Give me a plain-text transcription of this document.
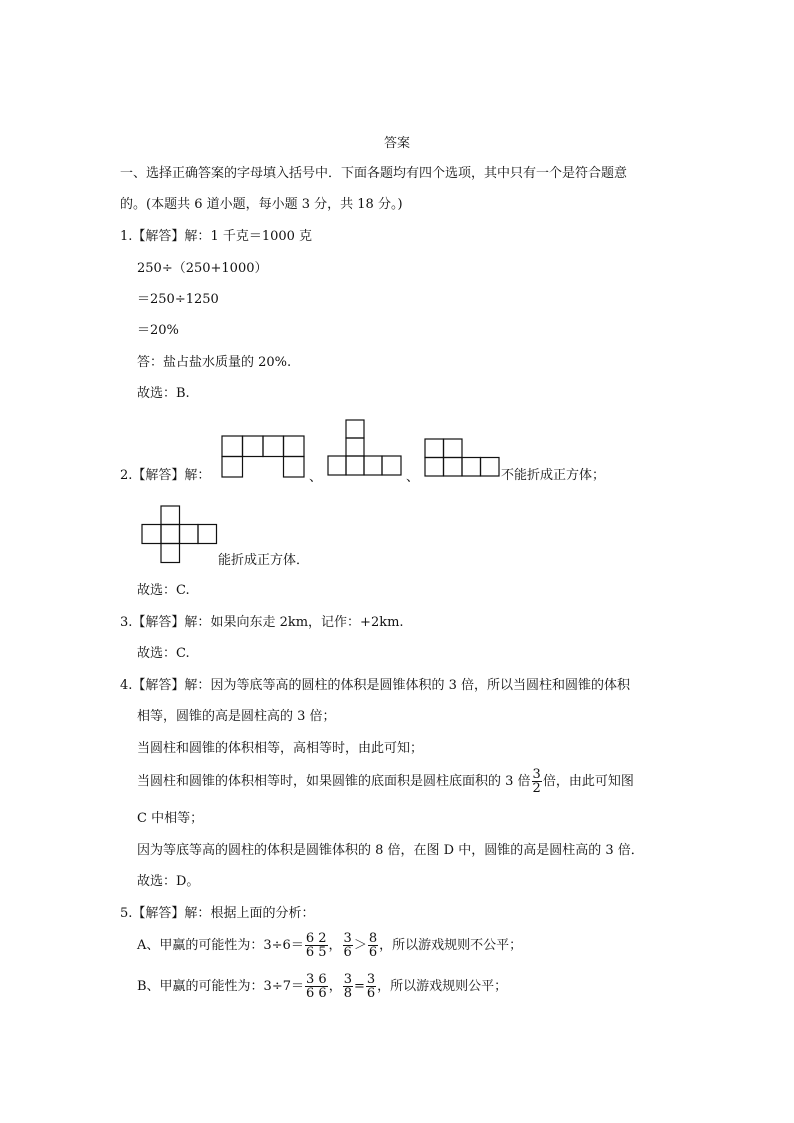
答案
一、选择正确答案的字母填入括号中．下面各题均有四个选项，其中只有一个是符合题意
的。(本题共 6 道小题，每小题 3 分，共 18 分。)
1.【解答】解：1 千克＝1000 克
250÷（250+1000）
＝250÷1250
＝20%
答：盐占盐水质量的 20%.
故选：B.
2.【解答】解：	、	、	不能折成正方体；
能折成正方体．
故选：C.
3.【解答】解：如果向东走 2km，记作：+2km.
故选：C.
4.【解答】解：因为等底等高的圆柱的体积是圆锥体积的 3 倍，所以当圆柱和圆锥的体积
相等，圆锥的高是圆柱高的 3 倍；
当圆柱和圆锥的体积相等，高相等时，由此可知；
当圆柱和圆锥的体积相等时，如果圆锥的底面积是圆柱底面积的 3 倍 $\frac{3}{2}$ 倍，由此可知图
C 中相等；
因为等底等高的圆柱的体积是圆锥体积的 8 倍，在图 D 中，圆锥的高是圆柱高的 3 倍．
故选：D。
5.【解答】解：根据上面的分析：
A、甲赢的可能性为：$3\div 6= \frac{6 2}{6 5}$ ， $\frac{3}{6} > \frac{8}{6}$ ，所以游戏规则不公平；
B、甲赢的可能性为：$3\div 7= \frac{3 6}{6 6}$ ， $\frac{3}{8} = \frac{3}{6}$ ，所以游戏规则公平；
